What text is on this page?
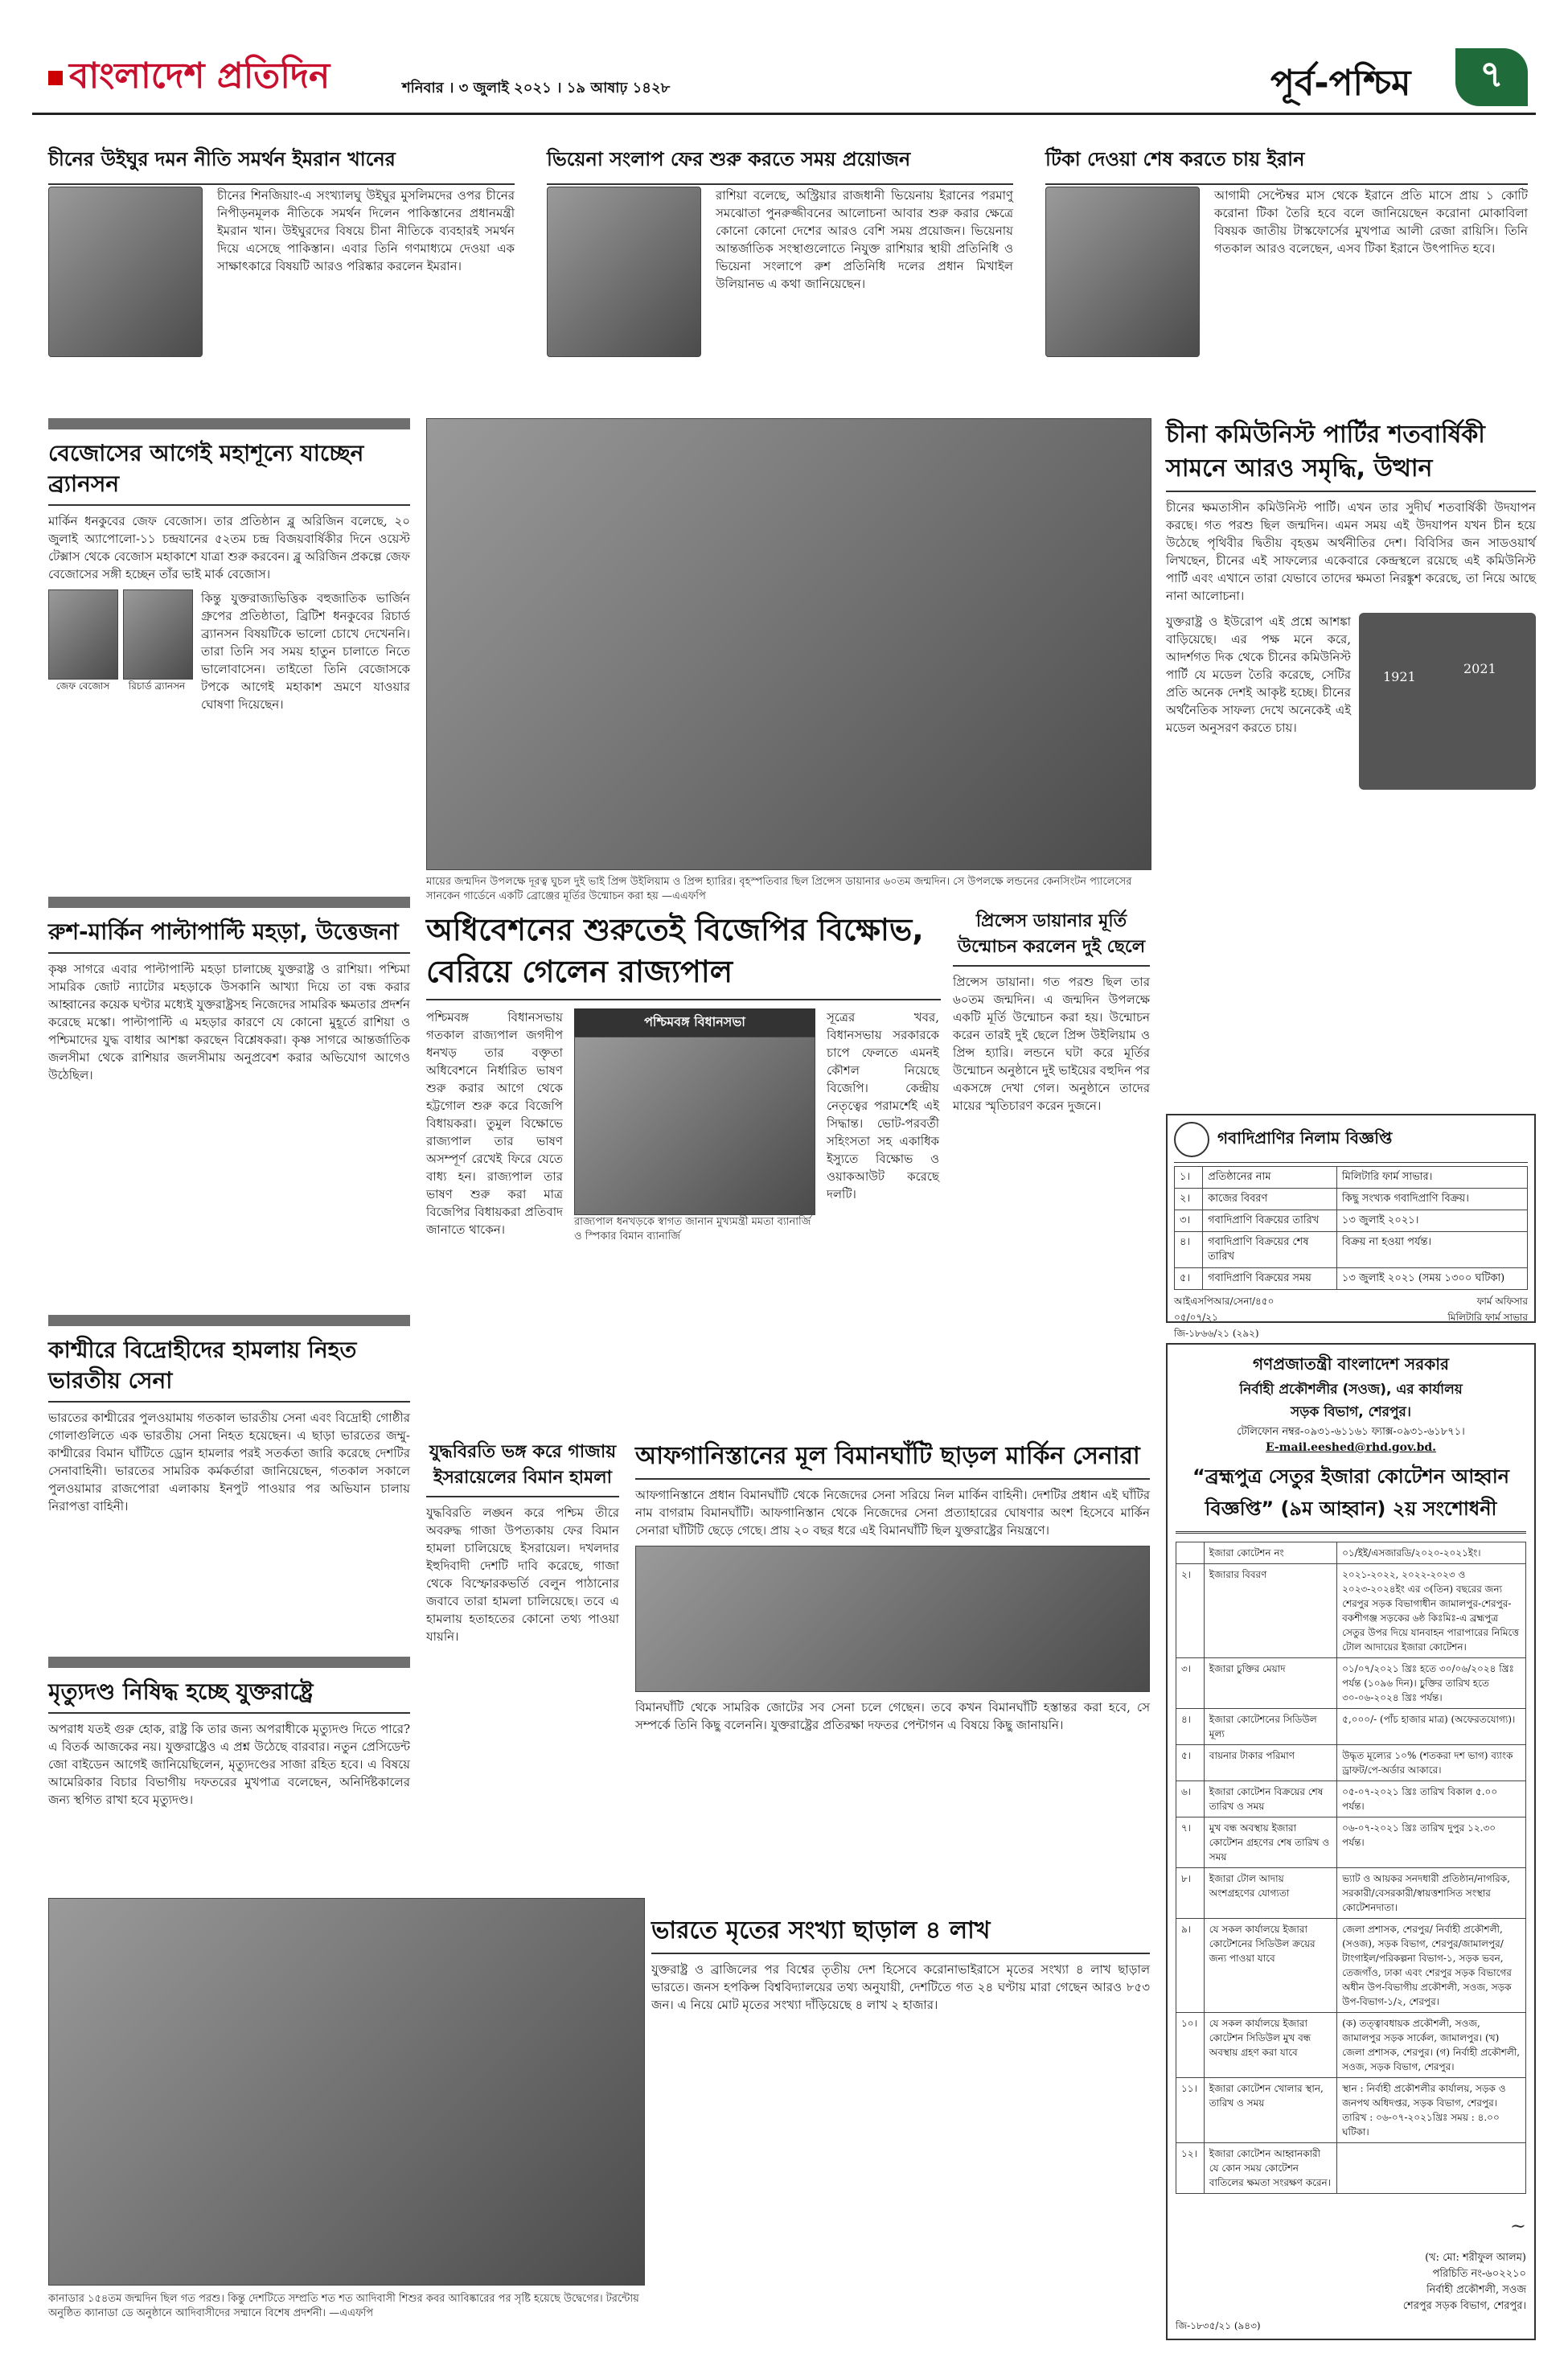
বাংলাদেশ প্রতিদিন	শনিবার । ৩ জুলাই ২০২১ । ১৯ আষাঢ় ১৪২৮	পূর্ব-পশ্চিম ৭
চীনের উইঘুর দমন নীতি সমর্থন ইমরান খানের
চীনের শিনজিয়াং-এ সংখ্যালঘু উইঘুর মুসলিমদের ওপর চীনের নিপীড়নমূলক নীতিকে সমর্থন দিলেন পাকিস্তানের প্রধানমন্ত্রী ইমরান খান। উইঘুরদের বিষয়ে চীনা নীতিকে ব্যবহারই সমর্থন দিয়ে এসেছে পাকিস্তান। এবার তিনি গণমাধ্যমে দেওয়া এক সাক্ষাৎকারে বিষয়টি আরও পরিষ্কার করলেন ইমরান।
ভিয়েনা সংলাপ ফের শুরু করতে সময় প্রয়োজন
রাশিয়া বলেছে, অস্ট্রিয়ার রাজধানী ভিয়েনায় ইরানের পরমাণু সমঝোতা পুনরুজ্জীবনের আলোচনা আবার শুরু করার ক্ষেত্রে কোনো কোনো দেশের আরও বেশি সময় প্রয়োজন। ভিয়েনায় আন্তর্জাতিক সংস্থাগুলোতে নিযুক্ত রাশিয়ার স্থায়ী প্রতিনিধি ও ভিয়েনা সংলাপে রুশ প্রতিনিধি দলের প্রধান মিখাইল উলিয়ানভ এ কথা জানিয়েছেন।
টিকা দেওয়া শেষ করতে চায় ইরান
আগামী সেপ্টেম্বর মাস থেকে ইরানে প্রতি মাসে প্রায় ১ কোটি করোনা টিকা তৈরি হবে বলে জানিয়েছেন করোনা মোকাবিলা বিষয়ক জাতীয় টাস্কফোর্সের মুখপাত্র আলী রেজা রায়িসি। তিনি গতকাল আরও বলেছেন, এসব টিকা ইরানে উৎপাদিত হবে।
বেজোসের আগেই মহাশূন্যে যাচ্ছেন ব্র্যানসন
মার্কিন ধনকুবের জেফ বেজোস। তার প্রতিষ্ঠান ব্লু অরিজিন বলেছে, ২০ জুলাই অ্যাপোলো-১১ চন্দ্রযানের ৫২তম চন্দ্র বিজয়বার্ষিকীর দিনে ওয়েস্ট টেক্সাস থেকে বেজোস মহাকাশে যাত্রা শুরু করবেন। ব্লু অরিজিন প্রকল্পে জেফ বেজোসের সঙ্গী হচ্ছেন তাঁর ভাই মার্ক বেজোস।
জেফ বেজোস	রিচার্ড ব্র্যানসন
কিন্তু যুক্তরাজ্যভিত্তিক বহুজাতিক ভার্জিন গ্রুপের প্রতিষ্ঠাতা, ব্রিটিশ ধনকুবের রিচার্ড ব্র্যানসন বিষয়টিকে ভালো চোখে দেখেননি। তারা তিনি সব সময় হাতুন চালাতে নিতে ভালোবাসেন। তাইতো তিনি বেজোসকে টপকে আগেই মহাকাশ ভ্রমণে যাওয়ার ঘোষণা দিয়েছেন।
রুশ-মার্কিন পাল্টাপাল্টি মহড়া, উত্তেজনা
কৃষ্ণ সাগরে এবার পাল্টাপাল্টি মহড়া চালাচ্ছে যুক্তরাষ্ট্র ও রাশিয়া। পশ্চিমা সামরিক জোট ন্যাটোর মহড়াকে উসকানি আখ্যা দিয়ে তা বন্ধ করার আহ্বানের কয়েক ঘণ্টার মধ্যেই যুক্তরাষ্ট্রসহ নিজেদের সামরিক ক্ষমতার প্রদর্শন করেছে মস্কো। পাল্টাপাল্টি এ মহড়ার কারণে যে কোনো মুহূর্তে রাশিয়া ও পশ্চিমাদের যুদ্ধ বাধার আশঙ্কা করছেন বিশ্লেষকরা। কৃষ্ণ সাগরে আন্তর্জাতিক জলসীমা থেকে রাশিয়ার জলসীমায় অনুপ্রবেশ করার অভিযোগ আগেও উঠেছিল।
কাশ্মীরে বিদ্রোহীদের হামলায় নিহত ভারতীয় সেনা
ভারতের কাশ্মীরের পুলওয়ামায় গতকাল ভারতীয় সেনা এবং বিদ্রোহী গোষ্ঠীর গোলাগুলিতে এক ভারতীয় সেনা নিহত হয়েছেন। এ ছাড়া ভারতের জম্মু-কাশ্মীরের বিমান ঘাঁটিতে ড্রোন হামলার পরই সতর্কতা জারি করেছে দেশটির সেনাবাহিনী। ভারতের সামরিক কর্মকর্তারা জানিয়েছেন, গতকাল সকালে পুলওয়ামার রাজপোরা এলাকায় ইনপুট পাওয়ার পর অভিযান চালায় নিরাপত্তা বাহিনী।
মৃত্যুদণ্ড নিষিদ্ধ হচ্ছে যুক্তরাষ্ট্রে
অপরাধ যতই গুরু হোক, রাষ্ট্র কি তার জন্য অপরাধীকে মৃত্যুদণ্ড দিতে পারে? এ বিতর্ক আজকের নয়। যুক্তরাষ্ট্রেও এ প্রশ্ন উঠেছে বারবার। নতুন প্রেসিডেন্ট জো বাইডেন আগেই জানিয়েছিলেন, মৃত্যুদণ্ডের সাজা রহিত হবে। এ বিষয়ে আমেরিকার বিচার বিভাগীয় দফতরের মুখপাত্র বলেছেন, অনির্দিষ্টকালের জন্য স্থগিত রাখা হবে মৃত্যুদণ্ড।
কানাডার ১৫৪তম জন্মদিন ছিল গত পরশু। কিন্তু দেশটিতে সম্প্রতি শত শত আদিবাসী শিশুর কবর আবিষ্কারের পর সৃষ্টি হয়েছে উদ্বেগের। টরন্টোয় অনুষ্ঠিত ক্যানাডা ডে অনুষ্ঠানে আদিবাসীদের সম্মানে বিশেষ প্রদর্শনী। —এএফপি
মায়ের জন্মদিন উপলক্ষে দূরত্ব ঘুচল দুই ভাই প্রিন্স উইলিয়াম ও প্রিন্স হ্যারির। বৃহস্পতিবার ছিল প্রিন্সেস ডায়ানার ৬০তম জন্মদিন। সে উপলক্ষে লন্ডনের কেনসিংটন প্যালেসের সানকেন গার্ডেনে একটি ব্রোঞ্জের মূর্তির উন্মোচন করা হয় —এএফপি
অধিবেশনের শুরুতেই বিজেপির বিক্ষোভ, বেরিয়ে গেলেন রাজ্যপাল
পশ্চিমবঙ্গ বিধানসভায় গতকাল রাজ্যপাল জগদীপ ধনখড় তার বক্তৃতা অধিবেশনে নির্ধারিত ভাষণ শুরু করার আগে থেকে হট্টগোল শুরু করে বিজেপি বিধায়করা। তুমুল বিক্ষোভে রাজ্যপাল তার ভাষণ অসম্পূর্ণ রেখেই ফিরে যেতে বাধ্য হন। রাজ্যপাল তার ভাষণ শুরু করা মাত্র বিজেপির বিধায়করা প্রতিবাদ জানাতে থাকেন।
পশ্চিমবঙ্গ বিধানসভা
রাজ্যপাল ধনখড়কে স্বাগত জানান মুখ্যমন্ত্রী মমতা ব্যানার্জি ও স্পিকার বিমান ব্যানার্জি
সূত্রের খবর, বিধানসভায় সরকারকে চাপে ফেলতে এমনই কৌশল নিয়েছে বিজেপি। কেন্দ্রীয় নেতৃত্বের পরামর্শেই এই সিদ্ধান্ত। ভোট-পরবর্তী সহিংসতা সহ একাধিক ইস্যুতে বিক্ষোভ ও ওয়াকআউট করেছে দলটি।
প্রিন্সেস ডায়ানার মূর্তি উন্মোচন করলেন দুই ছেলে
প্রিন্সেস ডায়ানা। গত পরশু ছিল তার ৬০তম জন্মদিন। এ জন্মদিন উপলক্ষে একটি মূর্তি উন্মোচন করা হয়। উন্মোচন করেন তারই দুই ছেলে প্রিন্স উইলিয়াম ও প্রিন্স হ্যারি। লন্ডনে ঘটা করে মূর্তির উন্মোচন অনুষ্ঠানে দুই ভাইয়ের বহুদিন পর একসঙ্গে দেখা গেল। অনুষ্ঠানে তাদের মায়ের স্মৃতিচারণ করেন দুজনে।
যুদ্ধবিরতি ভঙ্গ করে গাজায় ইসরায়েলের বিমান হামলা
যুদ্ধবিরতি লঙ্ঘন করে পশ্চিম তীরে অবরুদ্ধ গাজা উপত্যকায় ফের বিমান হামলা চালিয়েছে ইসরায়েল। দখলদার ইহুদিবাদী দেশটি দাবি করেছে, গাজা থেকে বিস্ফোরকভর্তি বেলুন পাঠানোর জবাবে তারা হামলা চালিয়েছে। তবে এ হামলায় হতাহতের কোনো তথ্য পাওয়া যায়নি।
আফগানিস্তানের মূল বিমানঘাঁটি ছাড়ল মার্কিন সেনারা
আফগানিস্তানে প্রধান বিমানঘাঁটি থেকে নিজেদের সেনা সরিয়ে নিল মার্কিন বাহিনী। দেশটির প্রধান এই ঘাঁটির নাম বাগরাম বিমানঘাঁটি। আফগানিস্তান থেকে নিজেদের সেনা প্রত্যাহারের ঘোষণার অংশ হিসেবে মার্কিন সেনারা ঘাঁটিটি ছেড়ে গেছে। প্রায় ২০ বছর ধরে এই বিমানঘাঁটি ছিল যুক্তরাষ্ট্রের নিয়ন্ত্রণে।
বিমানঘাঁটি থেকে সামরিক জোটের সব সেনা চলে গেছেন। তবে কখন বিমানঘাঁটি হস্তান্তর করা হবে, সে সম্পর্কে তিনি কিছু বলেননি। যুক্তরাষ্ট্রের প্রতিরক্ষা দফতর পেন্টাগন এ বিষয়ে কিছু জানায়নি।
ভারতে মৃতের সংখ্যা ছাড়াল ৪ লাখ
যুক্তরাষ্ট্র ও ব্রাজিলের পর বিশ্বের তৃতীয় দেশ হিসেবে করোনাভাইরাসে মৃতের সংখ্যা ৪ লাখ ছাড়াল ভারতে। জনস হপকিন্স বিশ্ববিদ্যালয়ের তথ্য অনুযায়ী, দেশটিতে গত ২৪ ঘণ্টায় মারা গেছেন আরও ৮৫৩ জন। এ নিয়ে মোট মৃতের সংখ্যা দাঁড়িয়েছে ৪ লাখ ২ হাজার।
চীনা কমিউনিস্ট পার্টির শতবার্ষিকী সামনে আরও সমৃদ্ধি, উত্থান
চীনের ক্ষমতাসীন কমিউনিস্ট পার্টি। এখন তার সুদীর্ঘ শতবার্ষিকী উদযাপন করছে। গত পরশু ছিল জন্মদিন। এমন সময় এই উদযাপন যখন চীন হয়ে উঠেছে পৃথিবীর দ্বিতীয় বৃহত্তম অর্থনীতির দেশ। বিবিসির জন সাডওয়ার্থ লিখছেন, চীনের এই সাফল্যের একেবারে কেন্দ্রস্থলে রয়েছে এই কমিউনিস্ট পার্টি এবং এখানে তারা যেভাবে তাদের ক্ষমতা নিরঙ্কুশ করেছে, তা নিয়ে আছে নানা আলোচনা।
যুক্তরাষ্ট্র ও ইউরোপ এই প্রশ্নে আশঙ্কা বাড়িয়েছে। এর পক্ষ মনে করে, আদর্শগত দিক থেকে চীনের কমিউনিস্ট পার্টি যে মডেল তৈরি করেছে, সেটির প্রতি অনেক দেশই আকৃষ্ট হচ্ছে। চীনের অর্থনৈতিক সাফল্য দেখে অনেকেই এই মডেল অনুসরণ করতে চায়।
1921
2021
গবাদিপ্রাণির নিলাম বিজ্ঞপ্তি
১।	প্রতিষ্ঠানের নাম	মিলিটারি ফার্ম সাভার।
২।	কাজের বিবরণ	কিছু সংখ্যক গবাদিপ্রাণি বিক্রয়।
৩।	গবাদিপ্রাণি বিক্রয়ের তারিখ	১৩ জুলাই ২০২১।
৪।	গবাদিপ্রাণি বিক্রয়ের শেষ তারিখ	বিক্রয় না হওয়া পর্যন্ত।
৫।	গবাদিপ্রাণি বিক্রয়ের সময়	১৩ জুলাই ২০২১ (সময় ১৩০০ ঘটিকা)
আইএসপিআর/সেনা/৪৫০	ফার্ম অফিসার
০৫/০৭/২১	মিলিটারি ফার্ম সাভার
জি-১৮৬৬/২১ (২৯২)
গণপ্রজাতন্ত্রী বাংলাদেশ সরকার
নির্বাহী প্রকৌশলীর (সওজ), এর কার্যালয়
সড়ক বিভাগ, শেরপুর।
টেলিফোন নম্বর-০৯৩১-৬১১৬১ ফ্যাক্স-০৯৩১-৬১৮৭১।
E-mail.eeshed@rhd.gov.bd.
“ব্রহ্মপুত্র সেতুর ইজারা কোটেশন আহ্বান
বিজ্ঞপ্তি” (৯ম আহ্বান) ২য় সংশোধনী
	ইজারা কোটেশন নং	০১/ইই/এসজারডি/২০২০-২০২১ইং।
২।	ইজারার বিবরণ	২০২১-২০২২, ২০২২-২০২৩ ও ২০২৩-২০২৪ইং এর ৩(তিন) বছরের জন্য শেরপুর সড়ক বিভাগাধীন জামালপুর-শেরপুর-বকশীগঞ্জ সড়কের ৬ষ্ঠ কিঃমিঃ-এ ব্রহ্মপুত্র সেতুর উপর দিয়ে যানবাহন পারাপারের নিমিত্তে টোল আদায়ের ইজারা কোটেশন।
৩।	ইজারা চুক্তির মেয়াদ	০১/০৭/২০২১ খ্রিঃ হতে ৩০/০৬/২০২৪ খ্রিঃ পর্যন্ত (১০৯৬ দিন)। চুক্তির তারিখ হতে ৩০-০৬-২০২৪ খ্রিঃ পর্যন্ত।
৪।	ইজারা কোটেশনের সিডিউল মূল্য	৫,০০০/- (পাঁচ হাজার মাত্র) (অফেরতযোগ্য)।
৫।	বায়নার টাকার পরিমাণ	উদ্ধৃত মূল্যের ১০% (শতকরা দশ ভাগ) ব্যাংক ড্রাফট/পে-অর্ডার আকারে।
৬।	ইজারা কোটেশন বিক্রয়ের শেষ তারিখ ও সময়	০৫-০৭-২০২১ খ্রিঃ তারিখ বিকাল ৫.০০ পর্যন্ত।
৭।	মুখ বন্ধ অবস্থায় ইজারা কোটেশন গ্রহণের শেষ তারিখ ও সময়	০৬-০৭-২০২১ খ্রিঃ তারিখ দুপুর ১২.৩০ পর্যন্ত।
৮।	ইজারা টোল আদায় অংশগ্রহণের যোগ্যতা	ভ্যাট ও আয়কর সনদধারী প্রতিষ্ঠান/নাগরিক, সরকারী/বেসরকারী/স্বায়ত্তশাসিত সংস্থার কোটেশনদাতা।
৯।	যে সকল কার্যালয়ে ইজারা কোটেশনের সিডিউল ক্রয়ের জন্য পাওয়া যাবে	জেলা প্রশাসক, শেরপুর/ নির্বাহী প্রকৌশলী, (সওজ), সড়ক বিভাগ, শেরপুর/জামালপুর/ টাংগাইল/পরিকল্পনা বিভাগ-১, সড়ক ভবন, তেজগাঁও, ঢাকা এবং শেরপুর সড়ক বিভাগের অধীন উপ-বিভাগীয় প্রকৌশলী, সওজ, সড়ক উপ-বিভাগ-১/২, শেরপুর।
১০।	যে সকল কার্যালয়ে ইজারা কোটেশন সিডিউল মুখ বন্ধ অবস্থায় গ্রহণ করা যাবে	(ক) তত্ত্বাবধায়ক প্রকৌশলী, সওজ, জামালপুর সড়ক সার্কেল, জামালপুর। (খ) জেলা প্রশাসক, শেরপুর। (গ) নির্বাহী প্রকৌশলী, সওজ, সড়ক বিভাগ, শেরপুর।
১১।	ইজারা কোটেশন খোলার স্থান, তারিখ ও সময়	স্থান : নির্বাহী প্রকৌশলীর কার্যালয়, সড়ক ও জনপথ অধিদপ্তর, সড়ক বিভাগ, শেরপুর। তারিখ : ০৬-০৭-২০২১খ্রিঃ সময় : ৪.০০ ঘটিকা।
১২।	ইজারা কোটেশন আহ্বানকারী যে কোন সময় কোটেশন বাতিলের ক্ষমতা সংরক্ষণ করেন।	
~
(খ: মো: শরীফুল আলম)
পরিচিতি নং-৬০২২১০
নির্বাহী প্রকৌশলী, সওজ
শেরপুর সড়ক বিভাগ, শেরপুর।
জি-১৮৩৫/২১ (৯৪৩)
